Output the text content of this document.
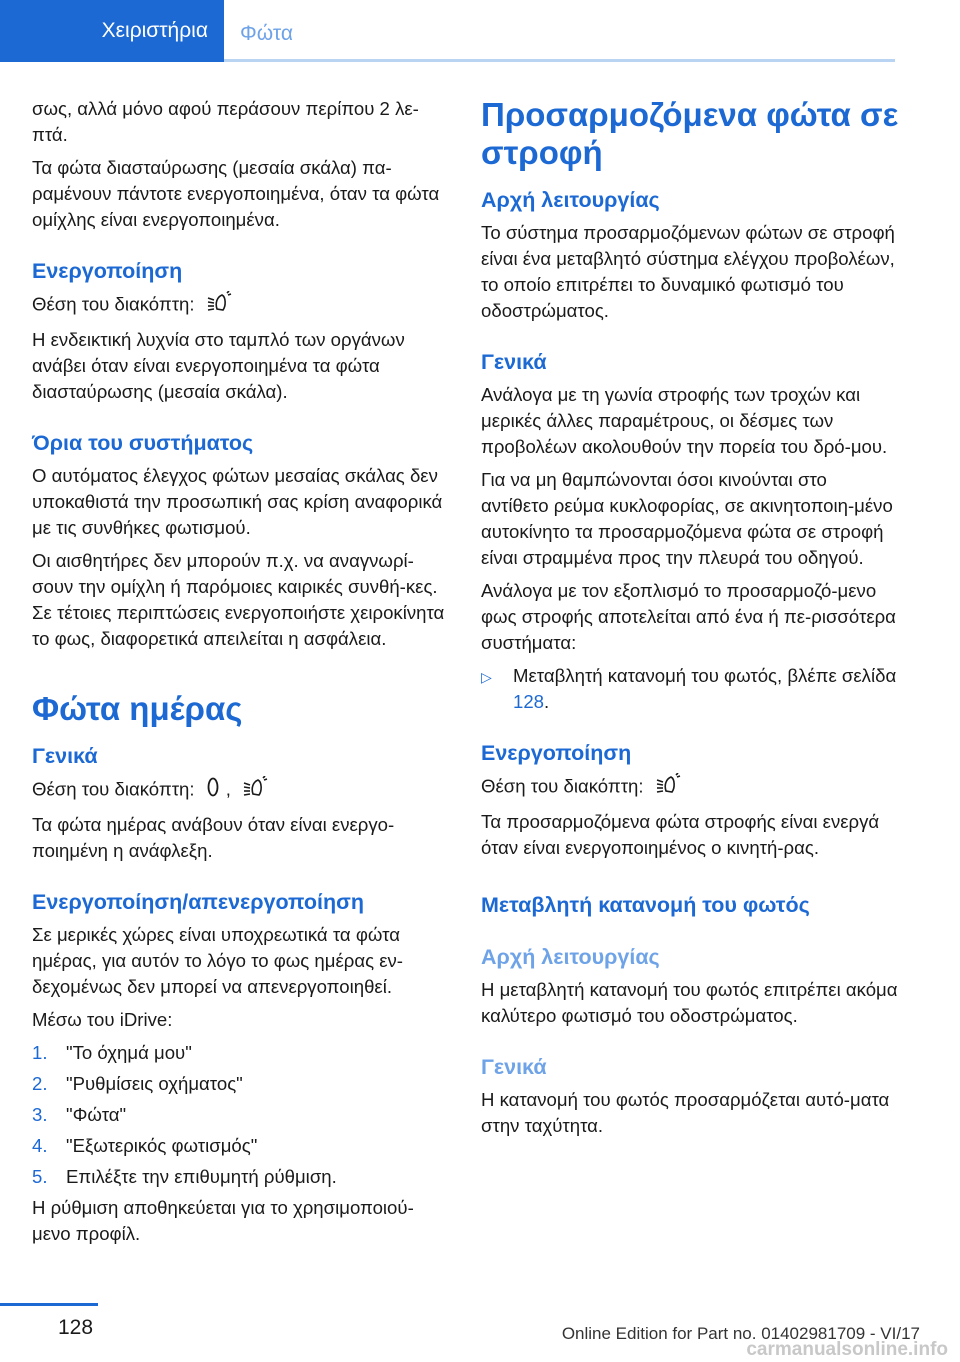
Χειριστήρια Φώτα

σως, αλλά μόνο αφού περάσουν περίπου 2 λε-πτά.

Τα φώτα διασταύρωσης (μεσαία σκάλα) πα-ραμένουν πάντοτε ενεργοποιημένα, όταν τα φώτα ομίχλης είναι ενεργοποιημένα.

Ενεργοποίηση

Θέση του διακόπτη:

Η ενδεικτική λυχνία στο ταμπλό των οργάνων ανάβει όταν είναι ενεργοποιημένα τα φώτα διασταύρωσης (μεσαία σκάλα).

Όρια του συστήματος

Ο αυτόματος έλεγχος φώτων μεσαίας σκάλας δεν υποκαθιστά την προσωπική σας κρίση αναφορικά με τις συνθήκες φωτισμού.

Οι αισθητήρες δεν μπορούν π.χ. να αναγνωρί-σουν την ομίχλη ή παρόμοιες καιρικές συνθή-κες. Σε τέτοιες περιπτώσεις ενεργοποιήστε χειροκίνητα το φως, διαφορετικά απειλείται η ασφάλεια.

Φώτα ημέρας
Γενικά

Θέση του διακόπτη: ,

Τα φώτα ημέρας ανάβουν όταν είναι ενεργο-ποιημένη η ανάφλεξη.

Ενεργοποίηση/απενεργοποίηση

Σε μερικές χώρες είναι υποχρεωτικά τα φώτα ημέρας, για αυτόν το λόγο το φως ημέρας εν-δεχομένως δεν μπορεί να απενεργοποιηθεί.

Μέσω του iDrive:

1. "Το όχημά μου"
2. "Ρυθμίσεις οχήματος"
3. "Φώτα"
4. "Εξωτερικός φωτισμός"
5. Επιλέξτε την επιθυμητή ρύθμιση.

Η ρύθμιση αποθηκεύεται για το χρησιμοποιού-μενο προφίλ.

Προσαρμοζόμενα φώτα σε στροφή
Αρχή λειτουργίας

Το σύστημα προσαρμοζόμενων φώτων σε στροφή είναι ένα μεταβλητό σύστημα ελέγχου προβολέων, το οποίο επιτρέπει το δυναμικό φωτισμό του οδοστρώματος.

Γενικά

Ανάλογα με τη γωνία στροφής των τροχών και μερικές άλλες παραμέτρους, οι δέσμες των προβολέων ακολουθούν την πορεία του δρό-μου.

Για να μη θαμπώνονται όσοι κινούνται στο αντίθετο ρεύμα κυκλοφορίας, σε ακινητοποιη-μένο αυτοκίνητο τα προσαρμοζόμενα φώτα σε στροφή είναι στραμμένα προς την πλευρά του οδηγού.

Ανάλογα με τον εξοπλισμό το προσαρμοζό-μενο φως στροφής αποτελείται από ένα ή πε-ρισσότερα συστήματα:

▷	Μεταβλητή κατανομή του φωτός, βλέπε σελίδα 128.
Ενεργοποίηση

Θέση του διακόπτη:

Τα προσαρμοζόμενα φώτα στροφής είναι ενεργά όταν είναι ενεργοποιημένος ο κινητή-ρας.

Μεταβλητή κατανομή του φωτός
Αρχή λειτουργίας

Η μεταβλητή κατανομή του φωτός επιτρέπει ακόμα καλύτερο φωτισμό του οδοστρώματος.

Γενικά

Η κατανομή του φωτός προσαρμόζεται αυτό-ματα στην ταχύτητα.

128	Online Edition for Part no. 01402981709 - VI/17
carmanualsonline.info
